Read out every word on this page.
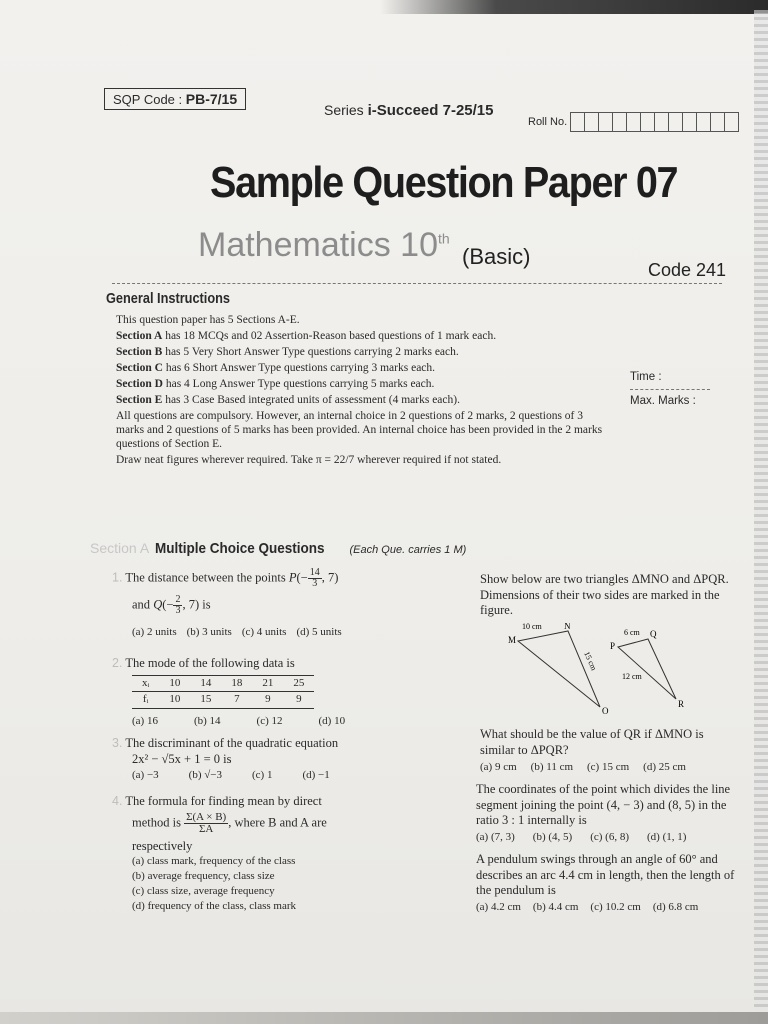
SQP Code : PB-7/15
Series i-Succeed 7-25/15
Roll No.
Sample Question Paper 07
Mathematics 10th
(Basic)
Code 241
General Instructions
This question paper has 5 Sections A-E.
Section A has 18 MCQs and 02 Assertion-Reason based questions of 1 mark each.
Section B has 5 Very Short Answer Type questions carrying 2 marks each.
Section C has 6 Short Answer Type questions carrying 3 marks each.
Section D has 4 Long Answer Type questions carrying 5 marks each.
Section E has 3 Case Based integrated units of assessment (4 marks each).
All questions are compulsory. However, an internal choice in 2 questions of 2 marks, 2 questions of 3 marks and 2 questions of 5 marks has been provided. An internal choice has been provided in the 2 marks questions of Section E.
Draw neat figures wherever required. Take π = 22/7 wherever required if not stated.
Time :
Max. Marks :
Section A Multiple Choice Questions (Each Que. carries 1 M)
1. The distance between the points $P(- \frac{14}{3}$, 7)
and $Q(- \frac{2}{3}$, 7) is
(a) 2 units (b) 3 units (c) 4 units (d) 5 units
2. The mode of the following data is
xᵢ	10	14	18	21	25
fᵢ	10	15	7	9	9
(a) 16	(b) 14	(c) 12	(d) 10
3. The discriminant of the quadratic equation
2x² − √5x + 1 = 0 is
(a) −3	(b) √−3	(c) 1	(d) −1
4. The formula for finding mean by direct
method is $\frac{\Sigma(A \times B)}{\Sigma A}$, where B and A are
respectively
(a) class mark, frequency of the class
(b) average frequency, class size
(c) class size, average frequency
(d) frequency of the class, class mark
Show below are two triangles ΔMNO and ΔPQR. Dimensions of their two sides are marked in the figure.
M
N
O
P
Q
R
10 cm
15 cm
6 cm
12 cm
What should be the value of QR if ΔMNO is similar to ΔPQR?
(a) 9 cm (b) 11 cm (c) 15 cm (d) 25 cm
The coordinates of the point which divides the line segment joining the point (4, − 3) and (8, 5) in the ratio 3 : 1 internally is
(a) (7, 3) (b) (4, 5) (c) (6, 8) (d) (1, 1)
A pendulum swings through an angle of 60° and describes an arc 4.4 cm in length, then the length of the pendulum is
(a) 4.2 cm (b) 4.4 cm (c) 10.2 cm (d) 6.8 cm
